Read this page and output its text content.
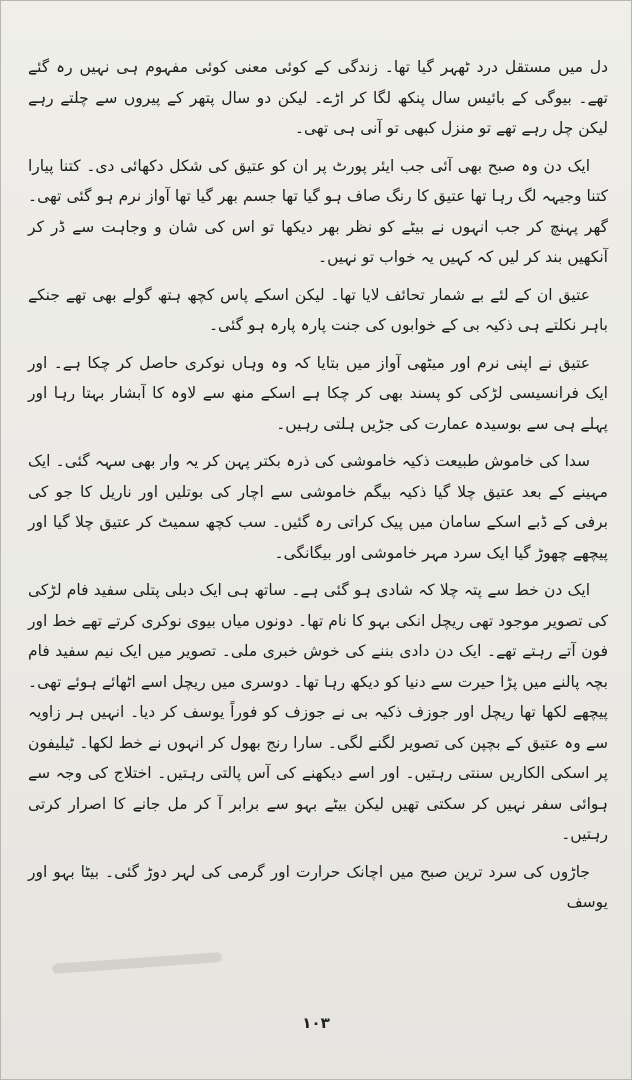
دل میں مستقل درد ٹھہر گیا تھا۔ زندگی کے کوئی معنی کوئی مفہوم ہی نہیں رہ گئے تھے۔ بیوگی کے بائیس سال پنکھ لگا کر اڑے۔ لیکن دو سال پتھر کے پیروں سے چلتے رہے لیکن چل رہے تھے تو منزل کبھی تو آنی ہی تھی۔

ایک دن وہ صبح بھی آئی جب ایئر پورٹ پر ان کو عتیق کی شکل دکھائی دی۔ کتنا پیارا کتنا وجیہہ لگ رہا تھا عتیق کا رنگ صاف ہو گیا تھا جسم بھر گیا تھا آواز نرم ہو گئی تھی۔ گھر پہنچ کر جب انہوں نے بیٹے کو نظر بھر دیکھا تو اس کی شان و وجاہت سے ڈر کر آنکھیں بند کر لیں کہ کہیں یہ خواب تو نہیں۔

عتیق ان کے لئے بے شمار تحائف لایا تھا۔ لیکن اسکے پاس کچھ ہتھ گولے بھی تھے جنکے باہر نکلتے ہی ذکیہ بی کے خوابوں کی جنت پارہ پارہ ہو گئی۔

عتیق نے اپنی نرم اور میٹھی آواز میں بتایا کہ وہ وہاں نوکری حاصل کر چکا ہے۔ اور ایک فرانسیسی لڑکی کو پسند بھی کر چکا ہے اسکے منھ سے لاوہ کا آبشار بہتا رہا اور پہلے ہی سے بوسیدہ عمارت کی جڑیں ہلتی رہیں۔

سدا کی خاموش طبیعت ذکیہ خاموشی کی ذرہ بکتر پہن کر یہ وار بھی سہہ گئی۔ ایک مہینے کے بعد عتیق چلا گیا ذکیہ بیگم خاموشی سے اچار کی بوتلیں اور ناریل کا جو کی برفی کے ڈبے اسکے سامان میں پیک کراتی رہ گئیں۔ سب کچھ سمیٹ کر عتیق چلا گیا اور پیچھے چھوڑ گیا ایک سرد مہر خاموشی اور بیگانگی۔

ایک دن خط سے پتہ چلا کہ شادی ہو گئی ہے۔ ساتھ ہی ایک دبلی پتلی سفید فام لڑکی کی تصویر موجود تھی ریچل انکی بہو کا نام تھا۔ دونوں میاں بیوی نوکری کرتے تھے خط اور فون آتے رہتے تھے۔ ایک دن دادی بننے کی خوش خبری ملی۔ تصویر میں ایک نیم سفید فام بچہ پالنے میں پڑا حیرت سے دنیا کو دیکھ رہا تھا۔ دوسری میں ریچل اسے اٹھائے ہوئے تھی۔ پیچھے لکھا تھا ریچل اور جوزف ذکیہ بی نے جوزف کو فوراً یوسف کر دیا۔ انہیں ہر زاویہ سے وہ عتیق کے بچپن کی تصویر لگنے لگی۔ سارا رنج بھول کر انہوں نے خط لکھا۔ ٹیلیفون پر اسکی الکاریں سنتی رہتیں۔ اور اسے دیکھنے کی آس پالتی رہتیں۔ اختلاج کی وجہ سے ہوائی سفر نہیں کر سکتی تھیں لیکن بیٹے بہو سے برابر آ کر مل جانے کا اصرار کرتی رہتیں۔

جاڑوں کی سرد ترین صبح میں اچانک حرارت اور گرمی کی لہر دوڑ گئی۔ بیٹا بہو اور یوسف

۱۰۳
